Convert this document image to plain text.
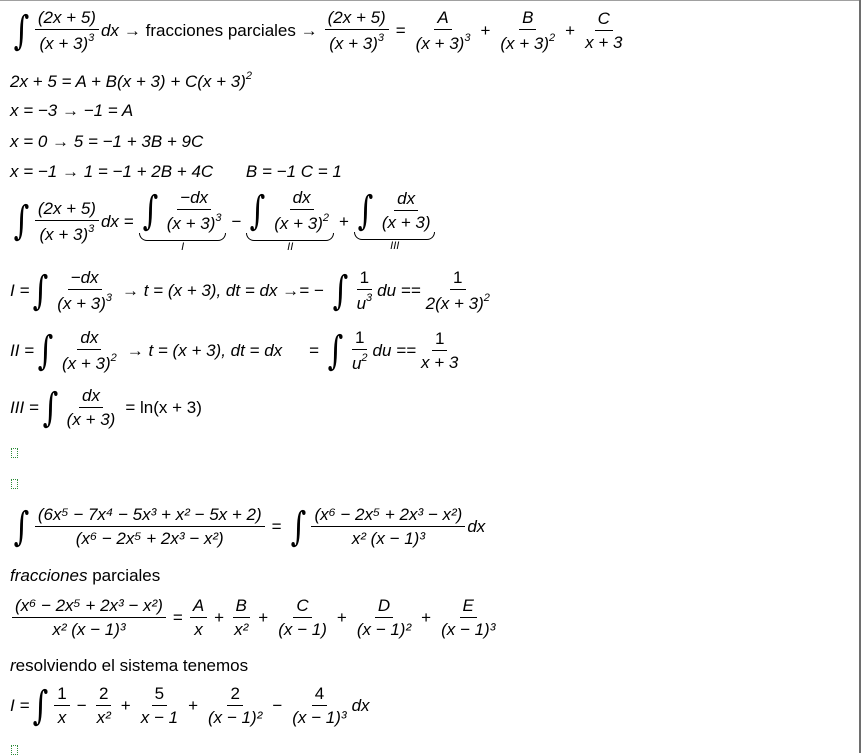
∫ $\frac{(2x + 5)}{(x + 3)^3}$ dx → fracciones parciales → $\frac{(2x + 5)}{(x + 3)^3} = \frac{A}{(x + 3)^3} + \frac{B}{(x + 3)^2} + \frac{C}{x + 3}$
$2x + 5 = A + B(x + 3) + C(x + 3)^2$
x = −3 → −1 = A
x = 0 → 5 = −1 + 3B + 9C
x = −1 → 1 = −1 + 2B + 4C B = −1 C = 1
∫ $\frac{(2x + 5)}{(x + 3)^3}$ dx = ∫ $\frac{-dx}{(x + 3)^3}$
I
− ∫ $\frac{dx}{(x + 3)^2}$
II
+ ∫ $\frac{dx}{(x + 3)}$
III
I = ∫ $\frac{-dx}{(x + 3)^3} \to t = (x + 3)$, dt = dx →= − ∫ $\frac{1}{u^3}$ du == $\frac{1}{2(x + 3)^2}$
II = ∫ $\frac{dx}{(x + 3)^2} \to t = (x + 3)$, dt = dx = ∫ $\frac{1}{u^2}$ du == $\frac{1}{x + 3}$
III = ∫ $\frac{dx}{(x + 3)} = \ln(x + 3)$
∫ $\frac{\text{(6x⁵ − 7x⁴ − 5x³ + x² − 5x + 2)}}{\text{(x⁶ − 2x⁵ + 2x³ − x²)}}$ = ∫ $\frac{\text{(x⁶ − 2x⁵ + 2x³ − x²)}}{\text{x² (x − 1)³}}$ dx
fracciones parciales
$\frac{\text{(x⁶ − 2x⁵ + 2x³ − x²)}}{\text{x² (x − 1)³}} = \frac{A}{x} + \frac{B}{\text{x²}} + \frac{C}{(x - 1)} + \frac{D}{\text{(x − 1)²}} + \frac{E}{\text{(x − 1)³}}$
resolviendo el sistema tenemos
I = ∫ $\frac{1}{x} - \frac{2}{\text{x²}} + \frac{5}{x - 1} + \frac{2}{\text{(x − 1)²}} - \frac{4}{\text{(x − 1)³}}$ dx
